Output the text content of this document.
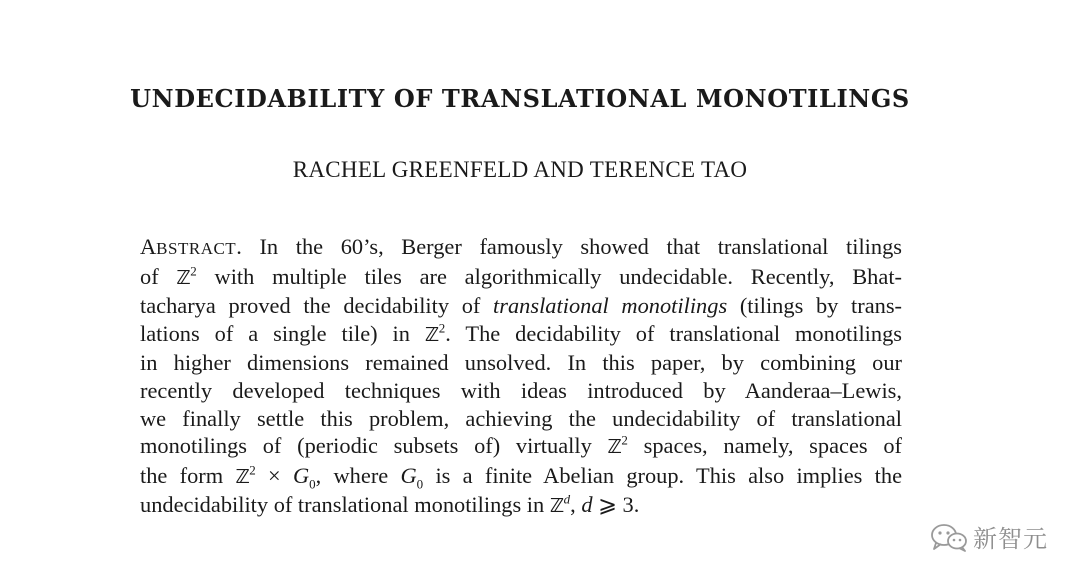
UNDECIDABILITY OF TRANSLATIONAL MONOTILINGS
RACHEL GREENFELD AND TERENCE TAO
ABSTRACT. In the 60’s, Berger famously showed that translational tilings
of ℤ$^2$ with multiple tiles are algorithmically undecidable. Recently, Bhat-
tacharya proved the decidability of translational monotilings (tilings by trans-
lations of a single tile) in ℤ$^2$. The decidability of translational monotilings
in higher dimensions remained unsolved. In this paper, by combining our
recently developed techniques with ideas introduced by Aanderaa–Lewis,
we finally settle this problem, achieving the undecidability of translational
monotilings of (periodic subsets of) virtually ℤ$^2$ spaces, namely, spaces of
the form ℤ$^2$ × $G_0$, where $G_0$ is a finite Abelian group. This also implies the
undecidability of translational monotilings in ℤ$^d$, d ⩾ 3.
新智元
